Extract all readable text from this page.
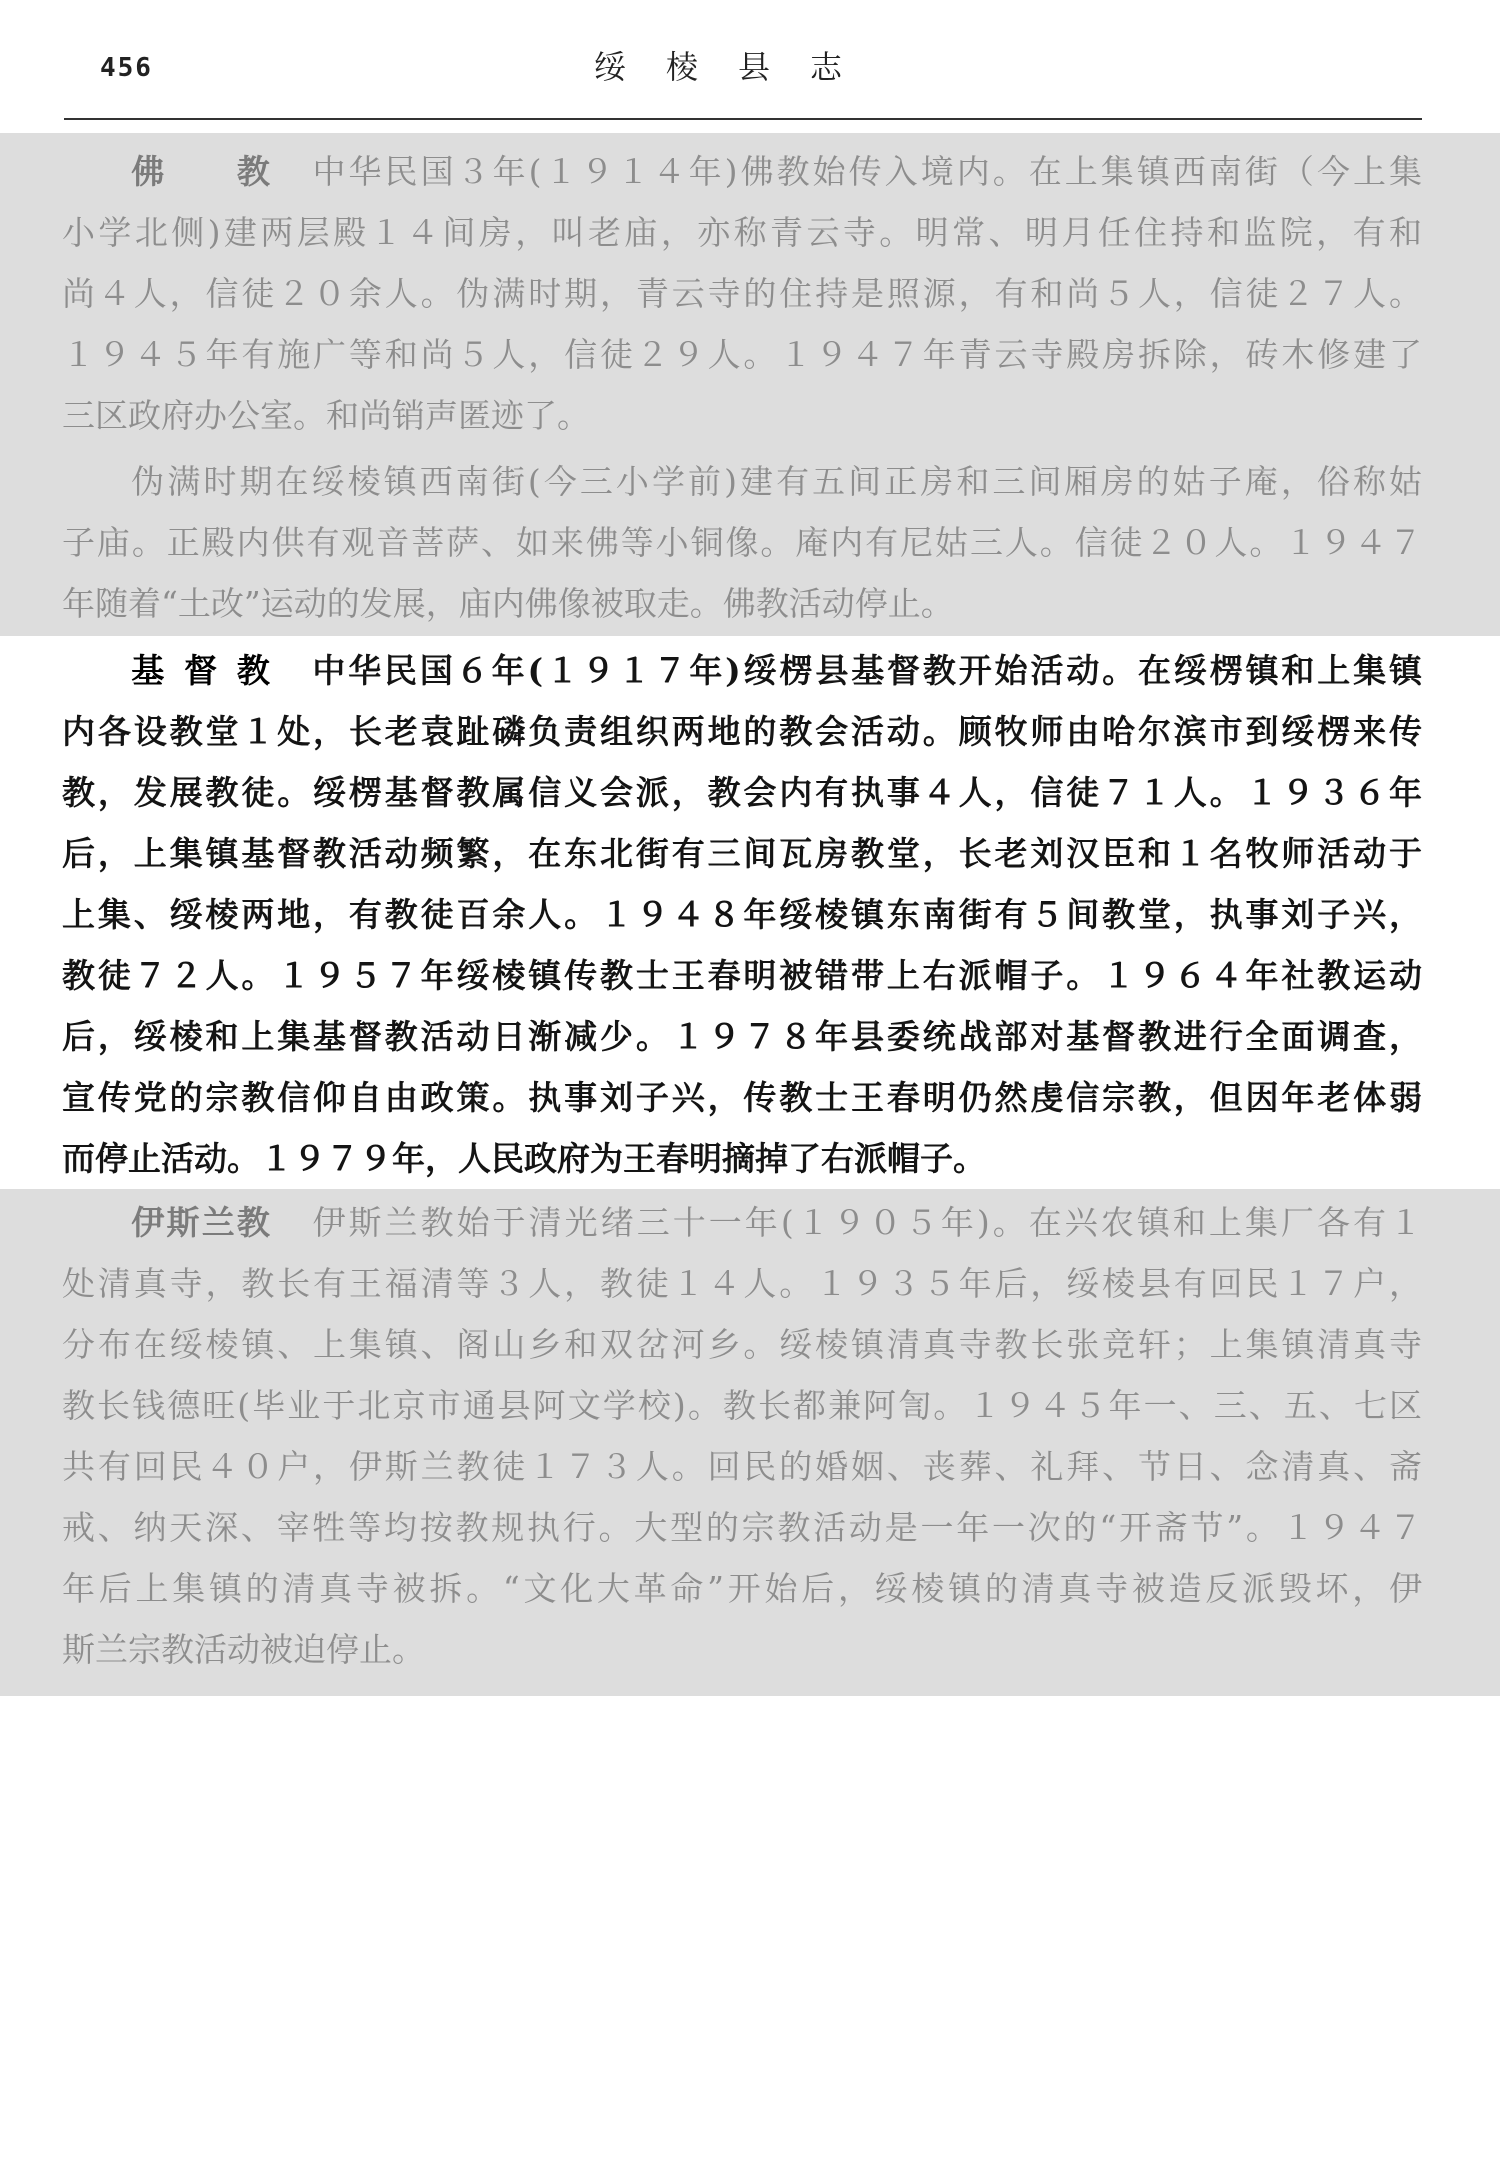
456	绥棱县志
佛教 中华民国３年(１９１４年)佛教始传入境内。在上集镇西南街（今上集
小学北侧)建两层殿１４间房，叫老庙，亦称青云寺。明常、明月任住持和监院，有和
尚４人，信徒２０余人。伪满时期，青云寺的住持是照源，有和尚５人，信徒２７人。
１９４５年有施广等和尚５人，信徒２９人。１９４７年青云寺殿房拆除，砖木修建了
三区政府办公室。和尚销声匿迹了。
伪满时期在绥棱镇西南街(今三小学前)建有五间正房和三间厢房的姑子庵，俗称姑
子庙。正殿内供有观音菩萨、如来佛等小铜像。庵内有尼姑三人。信徒２０人。１９４７
年随着“土改”运动的发展，庙内佛像被取走。佛教活动停止。
基督教 中华民国６年(１９１７年)绥楞县基督教开始活动。在绥楞镇和上集镇
内各设教堂１处，长老袁趾磷负责组织两地的教会活动。顾牧师由哈尔滨市到绥楞来传
教，发展教徒。绥楞基督教属信义会派，教会内有执事４人，信徒７１人。１９３６年
后，上集镇基督教活动频繁，在东北街有三间瓦房教堂，长老刘汉臣和１名牧师活动于
上集、绥棱两地，有教徒百余人。１９４８年绥棱镇东南街有５间教堂，执事刘子兴，
教徒７２人。１９５７年绥棱镇传教士王春明被错带上右派帽子。１９６４年社教运动
后，绥棱和上集基督教活动日渐减少。１９７８年县委统战部对基督教进行全面调查，
宣传党的宗教信仰自由政策。执事刘子兴，传教士王春明仍然虔信宗教，但因年老体弱
而停止活动。１９７９年，人民政府为王春明摘掉了右派帽子。
伊斯兰教 伊斯兰教始于清光绪三十一年(１９０５年)。在兴农镇和上集厂各有１
处清真寺，教长有王福清等３人，教徒１４人。１９３５年后，绥棱县有回民１７户，
分布在绥棱镇、上集镇、阁山乡和双岔河乡。绥棱镇清真寺教长张竞轩；上集镇清真寺
教长钱德旺(毕业于北京市通县阿文学校)。教长都兼阿訇。１９４５年一、三、五、七区
共有回民４０户，伊斯兰教徒１７３人。回民的婚姻、丧葬、礼拜、节日、念清真、斋
戒、纳天深、宰牲等均按教规执行。大型的宗教活动是一年一次的“开斋节”。１９４７
年后上集镇的清真寺被拆。“文化大革命”开始后，绥棱镇的清真寺被造反派毁坏，伊
斯兰宗教活动被迫停止。
